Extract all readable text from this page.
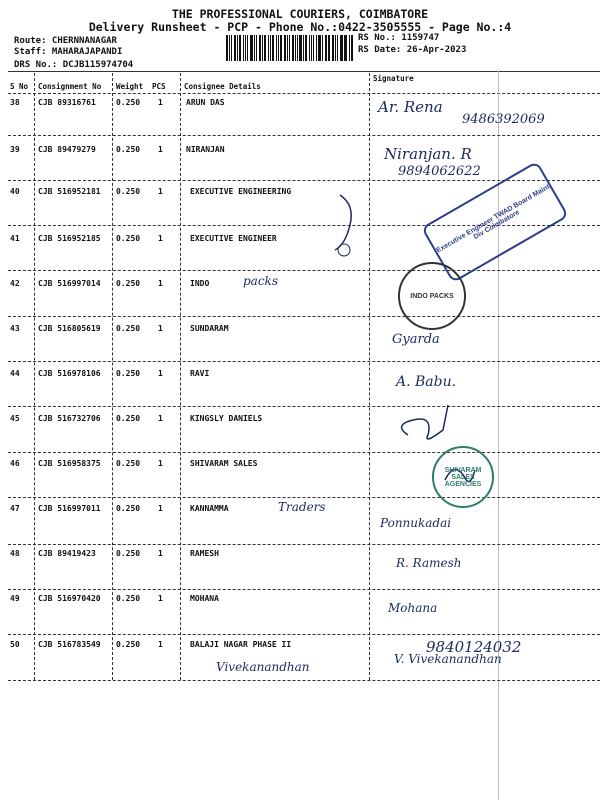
THE PROFESSIONAL COURIERS, COIMBATORE
Delivery Runsheet - PCP - Phone No.:0422-3505555 - Page No.:4
Route: CHERNNANAGAR
Staff: MAHARAJAPANDI
DRS No.: DCJB115974704
RS No.: 1159747
RS Date: 26-Apr-2023
S No Consignment No Weight PCS Consignee Details
Signature
38 CJB 89316761	0.250 1	ARUN DAS
39 CJB 89479279	0.250 1	NIRANJAN
40 CJB 516952181 0.250 1	EXECUTIVE ENGINEERING
41 CJB 516952185 0.250 1	EXECUTIVE ENGINEER
42 CJB 516997014 0.250 1	INDO
43 CJB 516805619 0.250 1	SUNDARAM
44 CJB 516978106 0.250 1	RAVI
45 CJB 516732706 0.250 1	KINGSLY DANIELS
46 CJB 516958375 0.250 1	SHIVARAM SALES
47 CJB 516997011 0.250 1	KANNAMMA
48 CJB 89419423	0.250 1	RAMESH
49 CJB 516970420 0.250 1	MOHANA
50 CJB 516783549 0.250 1	BALAJI NAGAR PHASE II
Ar. Rena
9486392069
Niranjan. R
9894062622
packs
Gyarda
A. Babu.
Traders
Ponnukadai
R. Ramesh
Mohana
9840124032
V. Vivekanandhan
Vivekanandhan
Executive Engineer TWAD Board Maint Div Coimbatore
INDO PACKS
SHIVARAM SALES AGENCIES
